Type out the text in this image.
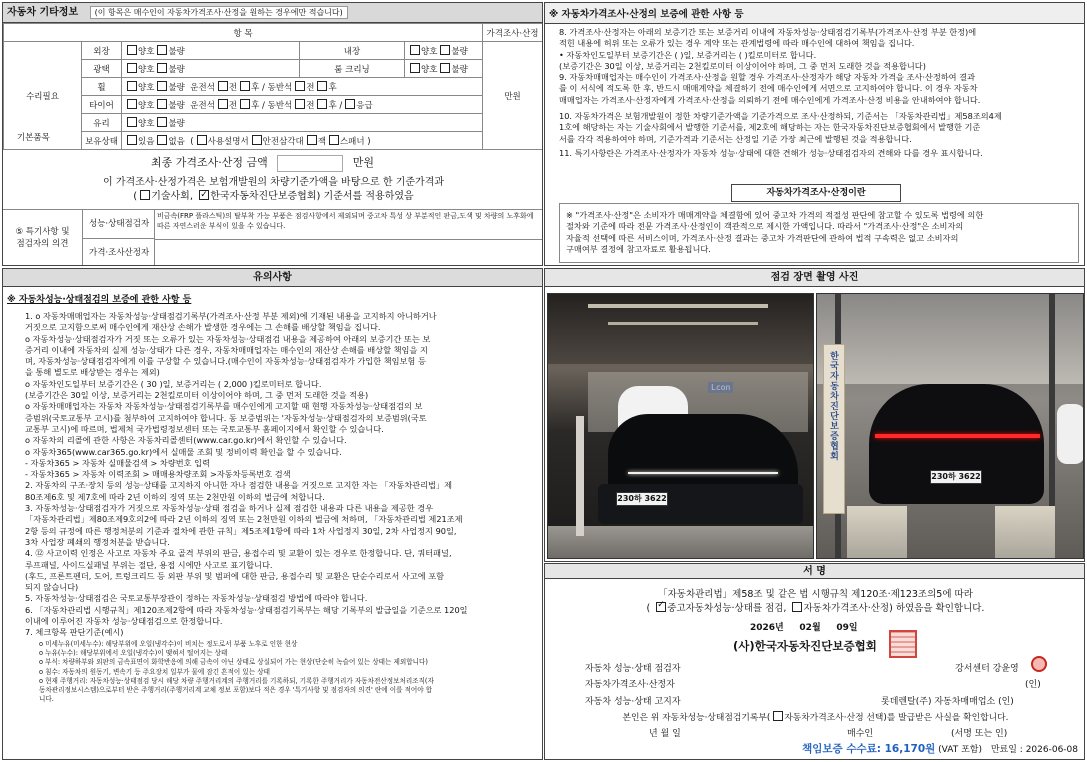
자동차 기타정보 (이 항목은 매수인이 자동차가격조사·산정을 원하는 경우에만 적습니다)
항 목					가격조사·산정
수리필요	외장	양호 불량	내장	양호 불량	만원
	광택	양호 불량	룸 크리닝	양호 불량	
	휠	양호 불량 운전석 전 후 / 동반석 전 후			
	타이어	양호 불량 운전석 전 후 / 동반석 전 후 / 응급			
	유리	양호 불량			
	보유상태	있음 없음  ( 사용설명서 안전삼각대 잭 스패너 )			
기본품목
최종 가격조사·산정 금액	만원
이 가격조사·산정가격은 보험개발원의 차량기준가액을 바탕으로 한 기준가격과
( 기술사회, ✓ 한국자동차진단보증협회) 기준서를 적용하였음
⑤ 특기사항 및
점검자의 의견
성능·상태점검자
비금속(FRP 플라스틱)의 탈부착 가능 부품은 점검사항에서 제외되며 중고차 특성 상 부분적인 판금,도색 및 차량의 노후화에 따른 자연스러운 부식이 있을 수 있습니다.
가격·조사산정자
※ 자동차가격조사·산정의 보증에 관한 사항 등

8. 가격조사·산정자는 아래의 보증기간 또는 보증거리 이내에 자동차성능·상태점검기록부(가격조사·산정 부분 한정)에

적힌 내용에 허위 또는 오류가 있는 경우 계약 또는 관계법령에 따라 매수인에 대하여 책임을 집니다.

• 자동차인도일부터 보증기간은 ( )일, 보증거리는 ( )킬로미터로 합니다.

(보증기간은 30일 이상, 보증거리는 2천킬로미터 이상이어야 하며, 그 중 먼저 도래한 것을 적용합니다)

9. 자동차매매업자는 매수인이 가격조사·산정을 원할 경우 가격조사·산정자가 해당 자동차 가격을 조사·산정하여 결과

를 이 서식에 적도록 한 후, 반드시 매매계약을 체결하기 전에 매수인에게 서면으로 고지하여야 합니다. 이 경우 자동차

매매업자는 가격조사·산정자에게 가격조사·산정을 의뢰하기 전에 매수인에게 가격조사·산정 비용을 안내하여야 합니다.

10. 자동차가격은 보험개발원이 정한 차량기준가액을 기준가격으로 조사·산정하되, 기준서는 「자동차관리법」제58조의4제

1호에 해당하는 자는 기술사회에서 발행한 기준서를, 제2호에 해당하는 자는 한국자동차진단보증협회에서 발행한 기준

서를 각각 적용하여야 하며, 기준가격과 기준서는 산정일 기준 가장 최근에 발행된 것을 적용합니다.

11. 특기사항란은 가격조사·산정자가 자동차 성능·상태에 대한 견해가 성능·상태점검자의 견해와 다를 경우 표시합니다.

자동차가격조사·산정이란

※ "가격조사·산정"은 소비자가 매매계약을 체결함에 있어 중고차 가격의 적절성 판단에 참고할 수 있도록 법령에 의한

절차와 기준에 따라 전문 가격조사·산정인이 객관적으로 제시한 가액입니다. 따라서 "가격조사·산정"은 소비자의

자율적 선택에 따른 서비스이며, 가격조사·산정 결과는 중고차 가격판단에 관하여 법적 구속력은 없고 소비자의

구매여부 결정에 참고자료로 활용됩니다.

유의사항
※ 자동차성능·상태점검의 보증에 관한 사항 등

1. o 자동차매매업자는 자동차성능·상태점검기록부(가격조사·산정 부분 제외)에 기재된 내용을 고지하지 아니하거나

거짓으로 고지함으로써 매수인에게 재산상 손해가 발생한 경우에는 그 손해를 배상할 책임을 집니다.

o 자동차성능·상태점검자가 거짓 또는 오류가 있는 자동차성능·상태점검 내용을 제공하여 아래의 보증기간 또는 보

증거리 이내에 자동차의 실제 성능·상태가 다른 경우, 자동차매매업자는 매수인의 재산상 손해를 배상할 책임을 지

며, 자동차성능·상태점검자에게 이를 구상할 수 있습니다.(매수인이 자동차성능·상태점검자가 가입한 책임보험 등

을 통해 별도로 배상받는 경우는 제외)

o 자동차인도일부터 보증기간은 ( 30 )일, 보증거리는 ( 2,000 )킬로미터로 합니다.

(보증기간은 30일 이상, 보증거리는 2천킬로미터 이상이어야 하며, 그 중 먼저 도래한 것을 적용)

o 자동차매매업자는 자동차 자동차성능·상태점검기록부를 매수인에게 고지할 때 현행 자동차성능·상태점검의 보

증범위(국토교통부 고시)를 첨부하여 고지하여야 합니다. 동 보증범위는 '자동차성능·상태점검자의 보증범위(국토

교통부 고시)에 따르며, 법제처 국가법령정보센터 또는 국토교통부 홈페이지에서 확인할 수 있습니다.

o 자동차의 리콜에 관한 사항은 자동차리콜센터(www.car.go.kr)에서 확인할 수 있습니다.

o 자동차365(www.car365.go.kr)에서 실매물 조회 및 정비이력 확인을 할 수 있습니다.

- 자동차365 > 자동차 실매물검색 > 차량번호 입력

- 자동차365 > 자동차 이력조회 > 매매용차량조회 >자동차등록번호 검색

2. 자동차의 구조·장치 등의 성능·상태를 고지하지 아니한 자나 점검한 내용을 거짓으로 고지한 자는 「자동차관리법」제

80조제6호 및 제7호에 따라 2년 이하의 징역 또는 2천만원 이하의 벌금에 처합니다.

3. 자동차성능·상태점검자가 거짓으로 자동차성능·상태 점검을 하거나 실제 점검한 내용과 다른 내용을 제공한 경우

「자동차관리법」제80조제9호의2에 따라 2년 이하의 징역 또는 2천만원 이하의 벌금에 처하며, 「자동차관리법 제21조제

2항 등의 규정에 따른 행정처분의 기준과 절차에 관한 규칙」제5조제1항에 따라 1차 사업정지 30일, 2차 사업정지 90일,

3차 사업장 폐쇄의 행정처분을 받습니다.

4. ⑫ 사고이력 인정은 사고로 자동차 주요 골격 부위의 판금, 용접수리 및 교환이 있는 경우로 한정합니다. 단, 쿼터패널,

루프패널, 사이드실패널 부위는 절단, 용접 시에만 사고로 표기합니다.

(후드, 프론트펜더, 도어, 트렁크리드 등 외판 부위 및 범퍼에 대한 판금, 용접수리 및 교환은 단순수리로서 사고에 포함

되지 않습니다)

5. 자동차성능·상태점검은 국토교통부장관이 정하는 자동차성능·상태점검 방법에 따라야 합니다.

6. 「자동차관리법 시행규칙」제120조제2항에 따라 자동차성능·상태점검기록부는 해당 기록부의 발급일을 기준으로 120일

이내에 이루어진 자동차 성능·상태점검으로 한정합니다.

7. 체크항목 판단기준(예시)

o 미세누유(미세누수): 해당부위에 오일(냉각수)이 비치는 정도로서 부품 노후로 인한 현상
o 누유(누수): 해당부위에서 오일(냉각수)이 맺혀서 떨어지는 상태
o 부식: 차량하부와 외판의 금속표면이 화학반응에 의해 금속이 아닌 상태로 상실되어 가는 현상(단순히 녹슬어 있는 상태는 제외합니다)
o 침수: 자동차의 원동기, 변속기 등 주요장치 일부가 물에 잠긴 흔적이 있는 상태
o 현재 주행거리: 자동차성능·상태점검 당시 해당 차량 주행거리계의 주행거리를 기록하되, 기록한 주행거리가 자동차전산정보처리조직(자
동차관리정보시스템)으로부터 받은 주행거리(주행거리계 교체 정보 포함)보다 적은 경우 '특기사항 및 점검자의 의견' 란에 이를 적어야 합
니다.
점검 장면 촬영 사진
230하 3622
한국자동차진단보증협회
230하 3622
서 명
「자동차관리법」제58조 및 같은 법 시행규칙 제120조·제123조의5에 따라
( ✓중고자동차성능·상태를 점검, 자동차가격조사·산정) 하였음을 확인합니다.
2026년 02월 09일
(사)한국자동차진단보증협회
자동차 성능·상태 점검자	강서센터 강윤영
자동차가격조사·산정자	(인)
자동차 성능·상태 고지자	롯데렌탈(주) 자동차매매업소 (인)
본인은 위 자동차성능·상태점검기록부( 자동차가격조사·산정 선택)를 발급받은 사실을 확인합니다.
년 월 일	매수인	(서명 또는 인)
책임보증 수수료: 16,170원 (VAT 포함) 만료일 : 2026-06-08
